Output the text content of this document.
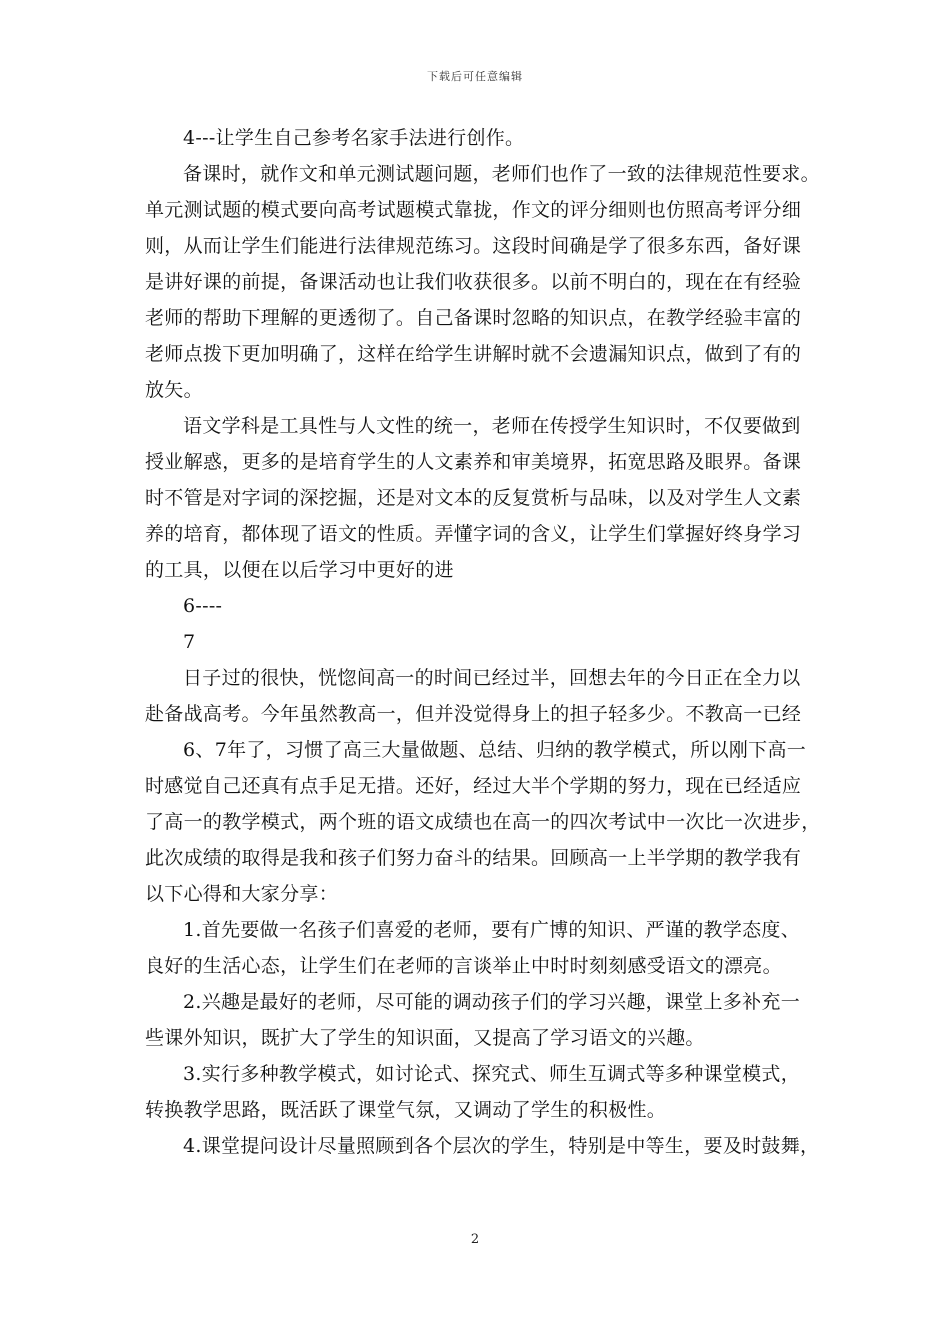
下载后可任意编辑
4---让学生自己参考名家手法进行创作。
备课时，就作文和单元测试题问题，老师们也作了一致的法律规范性要求。
单元测试题的模式要向高考试题模式靠拢，作文的评分细则也仿照高考评分细
则，从而让学生们能进行法律规范练习。这段时间确是学了很多东西，备好课
是讲好课的前提，备课活动也让我们收获很多。以前不明白的，现在在有经验
老师的帮助下理解的更透彻了。自己备课时忽略的知识点，在教学经验丰富的
老师点拨下更加明确了，这样在给学生讲解时就不会遗漏知识点，做到了有的
放矢。
语文学科是工具性与人文性的统一，老师在传授学生知识时，不仅要做到
授业解惑，更多的是培育学生的人文素养和审美境界，拓宽思路及眼界。备课
时不管是对字词的深挖掘，还是对文本的反复赏析与品味，以及对学生人文素
养的培育，都体现了语文的性质。弄懂字词的含义，让学生们掌握好终身学习
的工具，以便在以后学习中更好的进
6----
7
日子过的很快，恍惚间高一的时间已经过半，回想去年的今日正在全力以
赴备战高考。今年虽然教高一，但并没觉得身上的担子轻多少。不教高一已经
6、7年了，习惯了高三大量做题、总结、归纳的教学模式，所以刚下高一
时感觉自己还真有点手足无措。还好，经过大半个学期的努力，现在已经适应
了高一的教学模式，两个班的语文成绩也在高一的四次考试中一次比一次进步，
此次成绩的取得是我和孩子们努力奋斗的结果。回顾高一上半学期的教学我有
以下心得和大家分享：
1.首先要做一名孩子们喜爱的老师，要有广博的知识、严谨的教学态度、
良好的生活心态，让学生们在老师的言谈举止中时时刻刻感受语文的漂亮。
2.兴趣是最好的老师，尽可能的调动孩子们的学习兴趣，课堂上多补充一
些课外知识，既扩大了学生的知识面，又提高了学习语文的兴趣。
3.实行多种教学模式，如讨论式、探究式、师生互调式等多种课堂模式，
转换教学思路，既活跃了课堂气氛，又调动了学生的积极性。
4.课堂提问设计尽量照顾到各个层次的学生，特别是中等生，要及时鼓舞，
2
